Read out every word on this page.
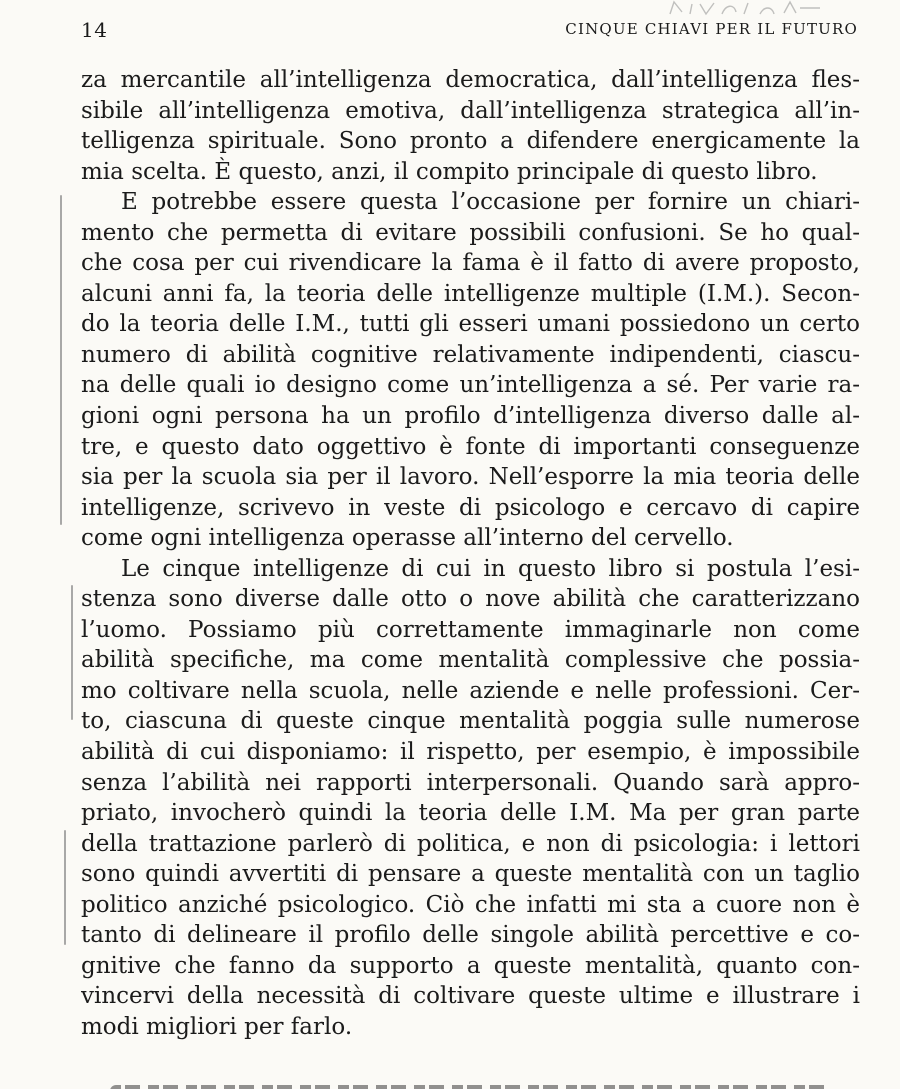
14	CINQUE CHIAVI PER IL FUTURO
za mercantile all’intelligenza democratica, dall’intelligenza fles-
sibile all’intelligenza emotiva, dall’intelligenza strategica all’in-
telligenza spirituale. Sono pronto a difendere energicamente la
mia scelta. È questo, anzi, il compito principale di questo libro.
E potrebbe essere questa l’occasione per fornire un chiari-
mento che permetta di evitare possibili confusioni. Se ho qual-
che cosa per cui rivendicare la fama è il fatto di avere proposto,
alcuni anni fa, la teoria delle intelligenze multiple (I.M.). Secon-
do la teoria delle I.M., tutti gli esseri umani possiedono un certo
numero di abilità cognitive relativamente indipendenti, ciascu-
na delle quali io designo come un’intelligenza a sé. Per varie ra-
gioni ogni persona ha un profilo d’intelligenza diverso dalle al-
tre, e questo dato oggettivo è fonte di importanti conseguenze
sia per la scuola sia per il lavoro. Nell’esporre la mia teoria delle
intelligenze, scrivevo in veste di psicologo e cercavo di capire
come ogni intelligenza operasse all’interno del cervello.
Le cinque intelligenze di cui in questo libro si postula l’esi-
stenza sono diverse dalle otto o nove abilità che caratterizzano
l’uomo. Possiamo più correttamente immaginarle non come
abilità specifiche, ma come mentalità complessive che possia-
mo coltivare nella scuola, nelle aziende e nelle professioni. Cer-
to, ciascuna di queste cinque mentalità poggia sulle numerose
abilità di cui disponiamo: il rispetto, per esempio, è impossibile
senza l’abilità nei rapporti interpersonali. Quando sarà appro-
priato, invocherò quindi la teoria delle I.M. Ma per gran parte
della trattazione parlerò di politica, e non di psicologia: i lettori
sono quindi avvertiti di pensare a queste mentalità con un taglio
politico anziché psicologico. Ciò che infatti mi sta a cuore non è
tanto di delineare il profilo delle singole abilità percettive e co-
gnitive che fanno da supporto a queste mentalità, quanto con-
vincervi della necessità di coltivare queste ultime e illustrare i
modi migliori per farlo.
